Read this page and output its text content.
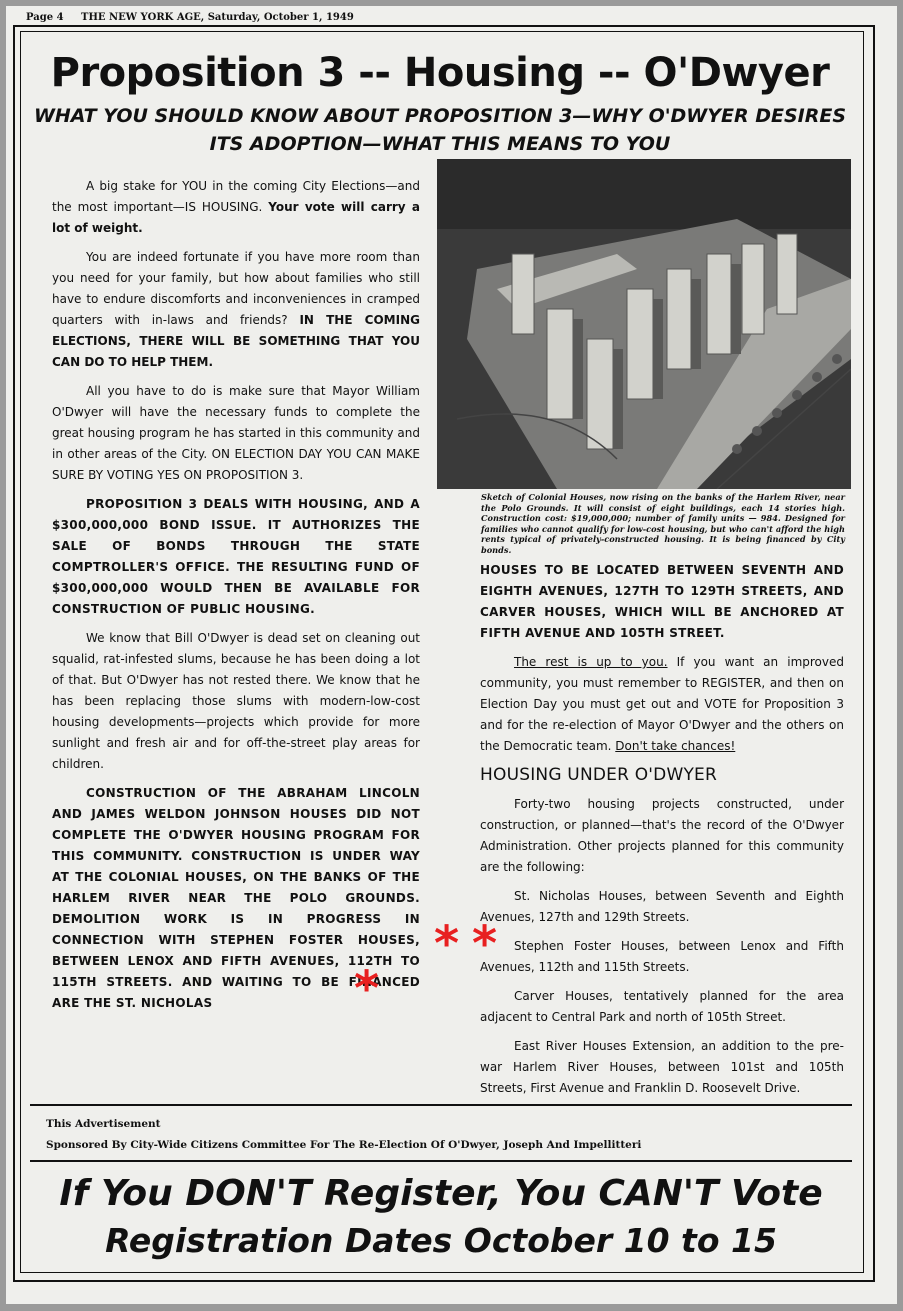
Page 4 THE NEW YORK AGE, Saturday, October 1, 1949
Proposition 3 -- Housing -- O'Dwyer
WHAT YOU SHOULD KNOW ABOUT PROPOSITION 3—WHY O'DWYER DESIRES
ITS ADOPTION—WHAT THIS MEANS TO YOU

A big stake for YOU in the coming City Elections—and the most important—IS HOUSING. Your vote will carry a lot of weight.

You are indeed fortunate if you have more room than you need for your family, but how about families who still have to endure discomforts and inconveniences in cramped quarters with in-laws and friends? IN THE COMING ELECTIONS, THERE WILL BE SOMETHING THAT YOU CAN DO TO HELP THEM.

All you have to do is make sure that Mayor William O'Dwyer will have the necessary funds to complete the great housing program he has started in this community and in other areas of the City. ON ELECTION DAY YOU CAN MAKE SURE BY VOTING YES ON PROPOSITION 3.

PROPOSITION 3 DEALS WITH HOUSING, AND A $300,000,000 BOND ISSUE. IT AUTHORIZES THE SALE OF BONDS THROUGH THE STATE COMPTROLLER'S OFFICE. THE RESULTING FUND OF $300,000,000 WOULD THEN BE AVAILABLE FOR CONSTRUCTION OF PUBLIC HOUSING.

We know that Bill O'Dwyer is dead set on cleaning out squalid, rat-infested slums, because he has been doing a lot of that. But O'Dwyer has not rested there. We know that he has been replacing those slums with modern-low-cost housing developments—projects which provide for more sunlight and fresh air and for off-the-street play areas for children.

CONSTRUCTION OF THE ABRAHAM LINCOLN AND JAMES WELDON JOHNSON HOUSES DID NOT COMPLETE THE O'DWYER HOUSING PROGRAM FOR THIS COMMUNITY. CONSTRUCTION IS UNDER WAY AT THE COLONIAL HOUSES, ON THE BANKS OF THE HARLEM RIVER NEAR THE POLO GROUNDS. DEMOLITION WORK IS IN PROGRESS IN CONNECTION WITH STEPHEN FOSTER HOUSES, BETWEEN LENOX AND FIFTH AVENUES, 112TH TO 115TH STREETS. AND WAITING TO BE FINANCED ARE THE ST. NICHOLAS

Sketch of Colonial Houses, now rising on the banks of the Harlem River, near the Polo Grounds. It will consist of eight buildings, each 14 stories high. Construction cost: $19,000,000; number of family units — 984. Designed for families who cannot qualify for low-cost housing, but who can't afford the high rents typical of privately-constructed housing. It is being financed by City bonds.

HOUSES TO BE LOCATED BETWEEN SEVENTH AND EIGHTH AVENUES, 127TH TO 129TH STREETS, AND CARVER HOUSES, WHICH WILL BE ANCHORED AT FIFTH AVENUE AND 105TH STREET.

The rest is up to you. If you want an improved community, you must remember to REGISTER, and then on Election Day you must get out and VOTE for Proposition 3 and for the re-election of Mayor O'Dwyer and the others on the Democratic team. Don't take chances!

HOUSING UNDER O'DWYER

Forty-two housing projects constructed, under construction, or planned—that's the record of the O'Dwyer Administration. Other projects planned for this community are the following:

St. Nicholas Houses, between Seventh and Eighth Avenues, 127th and 129th Streets.

Stephen Foster Houses, between Lenox and Fifth Avenues, 112th and 115th Streets.

Carver Houses, tentatively planned for the area adjacent to Central Park and north of 105th Street.

East River Houses Extension, an addition to the pre-war Harlem River Houses, between 101st and 105th Streets, First Avenue and Franklin D. Roosevelt Drive.

This Advertisement
Sponsored By City-Wide Citizens Committee For The Re-Election Of O'Dwyer, Joseph And Impellitteri
If You DON'T Register, You CAN'T Vote
Registration Dates October 10 to 15
* *
*
